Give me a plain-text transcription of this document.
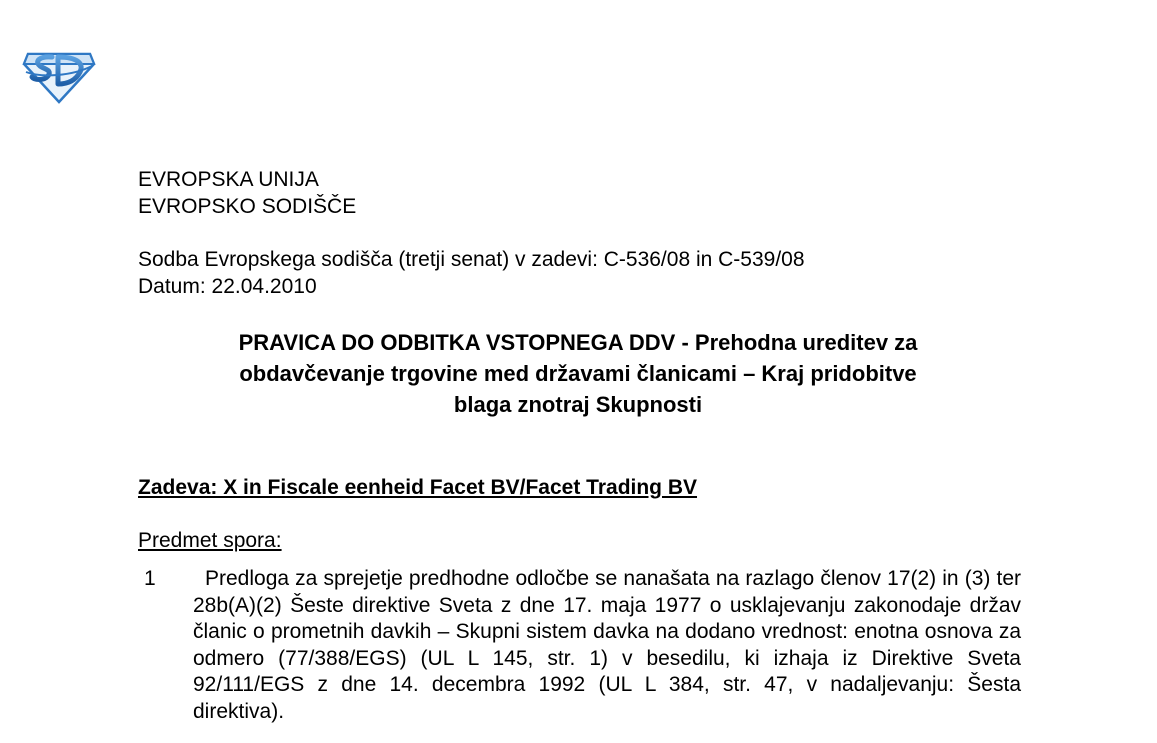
EVROPSKA UNIJA
EVROPSKO SODIŠČE
Sodba Evropskega sodišča (tretji senat) v zadevi: C-536/08 in C-539/08
Datum: 22.04.2010
PRAVICA DO ODBITKA VSTOPNEGA DDV - Prehodna ureditev za
obdavčevanje trgovine med državami članicami – Kraj pridobitve
blaga znotraj Skupnosti
Zadeva: X in Fiscale eenheid Facet BV/Facet Trading BV
Predmet spora:
1	Predloga za sprejetje predhodne odločbe se nanašata na razlago členov 17(2) in (3) ter 28b(A)(2) Šeste direktive Sveta z dne 17. maja 1977 o usklajevanju zakonodaje držav članic o prometnih davkih – Skupni sistem davka na dodano vrednost: enotna osnova za odmero (77/388/EGS) (UL L 145, str. 1) v besedilu, ki izhaja iz Direktive Sveta 92/111/EGS z dne 14. decembra 1992 (UL L 384, str. 47, v nadaljevanju: Šesta direktiva).
